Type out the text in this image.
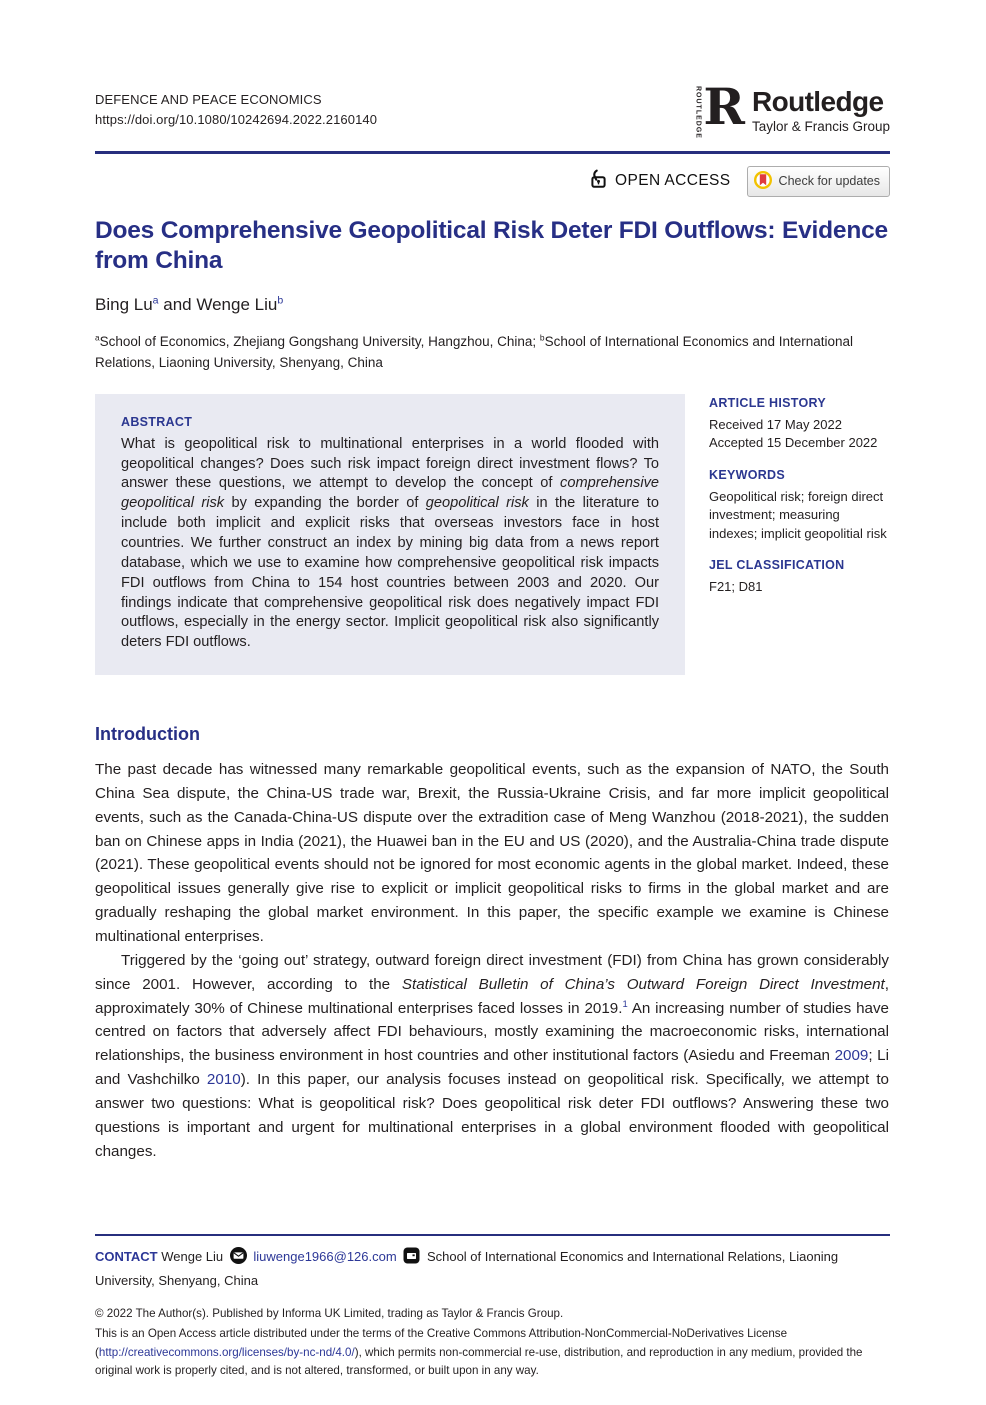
DEFENCE AND PEACE ECONOMICS
https://doi.org/10.1080/10242694.2022.2160140	ROUTLEDGE R Routledge
Taylor & Francis Group
OPEN ACCESS	Check for updates
Does Comprehensive Geopolitical Risk Deter FDI Outflows: Evidence from China
Bing Lu$^a$ and Wenge Liu$^b$
$^a$School of Economics, Zhejiang Gongshang University, Hangzhou, China; $^b$School of International Economics and International Relations, Liaoning University, Shenyang, China
ABSTRACT
What is geopolitical risk to multinational enterprises in a world flooded with geopolitical changes? Does such risk impact foreign direct investment flows? To answer these questions, we attempt to develop the concept of comprehensive geopolitical risk by expanding the border of geopolitical risk in the literature to include both implicit and explicit risks that overseas investors face in host countries. We further construct an index by mining big data from a news report database, which we use to examine how comprehensive geopolitical risk impacts FDI outflows from China to 154 host countries between 2003 and 2020. Our findings indicate that comprehensive geopolitical risk does negatively impact FDI outflows, especially in the energy sector. Implicit geopolitical risk also significantly deters FDI outflows.
ARTICLE HISTORY
Received 17 May 2022
Accepted 15 December 2022
KEYWORDS
Geopolitical risk; foreign direct investment; measuring indexes; implicit geopolitial risk
JEL CLASSIFICATION
F21; D81
Introduction

The past decade has witnessed many remarkable geopolitical events, such as the expansion of NATO, the South China Sea dispute, the China-US trade war, Brexit, the Russia-Ukraine Crisis, and far more implicit geopolitical events, such as the Canada-China-US dispute over the extradition case of Meng Wanzhou (2018-2021), the sudden ban on Chinese apps in India (2021), the Huawei ban in the EU and US (2020), and the Australia-China trade dispute (2021). These geopolitical events should not be ignored for most economic agents in the global market. Indeed, these geopolitical issues generally give rise to explicit or implicit geopolitical risks to firms in the global market and are gradually reshaping the global market environment. In this paper, the specific example we examine is Chinese multinational enterprises.

Triggered by the ‘going out’ strategy, outward foreign direct investment (FDI) from China has grown considerably since 2001. However, according to the Statistical Bulletin of China’s Outward Foreign Direct Investment, approximately 30% of Chinese multinational enterprises faced losses in 2019.$^1$ An increasing number of studies have centred on factors that adversely affect FDI behaviours, mostly examining the macroeconomic risks, international relationships, the business environment in host countries and other institutional factors (Asiedu and Freeman 2009; Li and Vashchilko 2010). In this paper, our analysis focuses instead on geopolitical risk. Specifically, we attempt to answer two questions: What is geopolitical risk? Does geopolitical risk deter FDI outflows? Answering these two questions is important and urgent for multinational enterprises in a global environment flooded with geopolitical changes.

CONTACT Wenge Liu liuwenge1966@126.com School of International Economics and International Relations, Liaoning University, Shenyang, China

© 2022 The Author(s). Published by Informa UK Limited, trading as Taylor & Francis Group.

This is an Open Access article distributed under the terms of the Creative Commons Attribution-NonCommercial-NoDerivatives License (http://creativecommons.org/licenses/by-nc-nd/4.0/), which permits non-commercial re-use, distribution, and reproduction in any medium, provided the original work is properly cited, and is not altered, transformed, or built upon in any way.
